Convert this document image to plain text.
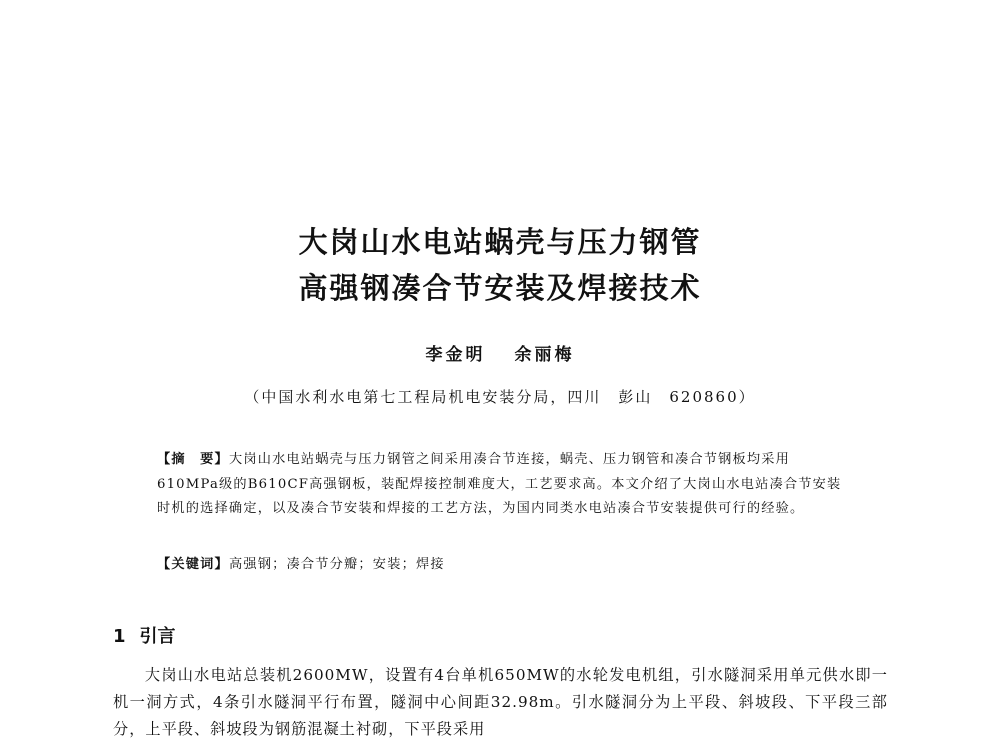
大岗山水电站蜗壳与压力钢管
高强钢凑合节安装及焊接技术
李金明 余丽梅
（中国水利水电第七工程局机电安装分局，四川　彭山　620860）
【摘　要】大岗山水电站蜗壳与压力钢管之间采用凑合节连接，蜗壳、压力钢管和凑合节钢板均采用610MPa级的B610CF高强钢板，装配焊接控制难度大，工艺要求高。本文介绍了大岗山水电站凑合节安装时机的选择确定，以及凑合节安装和焊接的工艺方法，为国内同类水电站凑合节安装提供可行的经验。
【关键词】高强钢；凑合节分瓣；安装；焊接
1 引言
大岗山水电站总装机2600MW，设置有4台单机650MW的水轮发电机组，引水隧洞采用单元供水即一机一洞方式，4条引水隧洞平行布置，隧洞中心间距32.98m。引水隧洞分为上平段、斜坡段、下平段三部分，上平段、斜坡段为钢筋混凝土衬砌，下平段采用
